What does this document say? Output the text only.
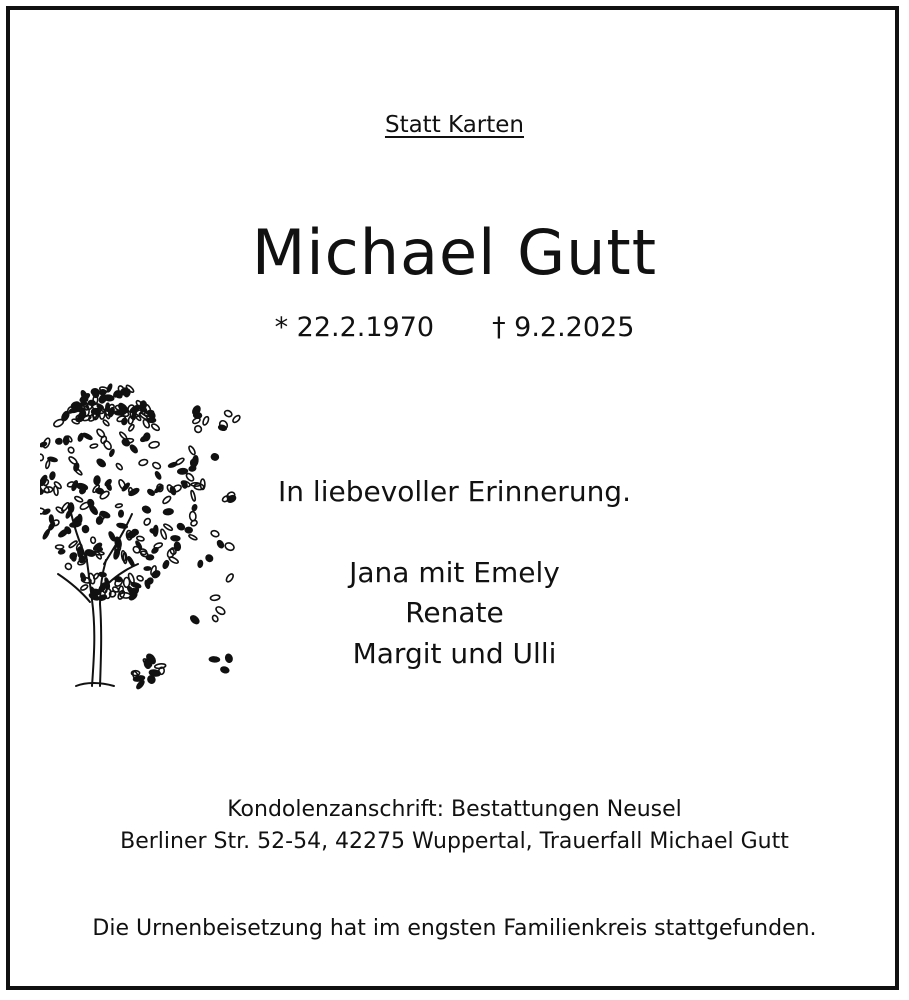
Statt Karten
Michael Gutt
* 22.2.1970 † 9.2.2025
In liebevoller Erinnerung.
Jana mit Emely
Renate
Margit und Ulli
Kondolenzanschrift: Bestattungen Neusel
Berliner Str. 52-54, 42275 Wuppertal, Trauerfall Michael Gutt
Die Urnenbeisetzung hat im engsten Familienkreis stattgefunden.
